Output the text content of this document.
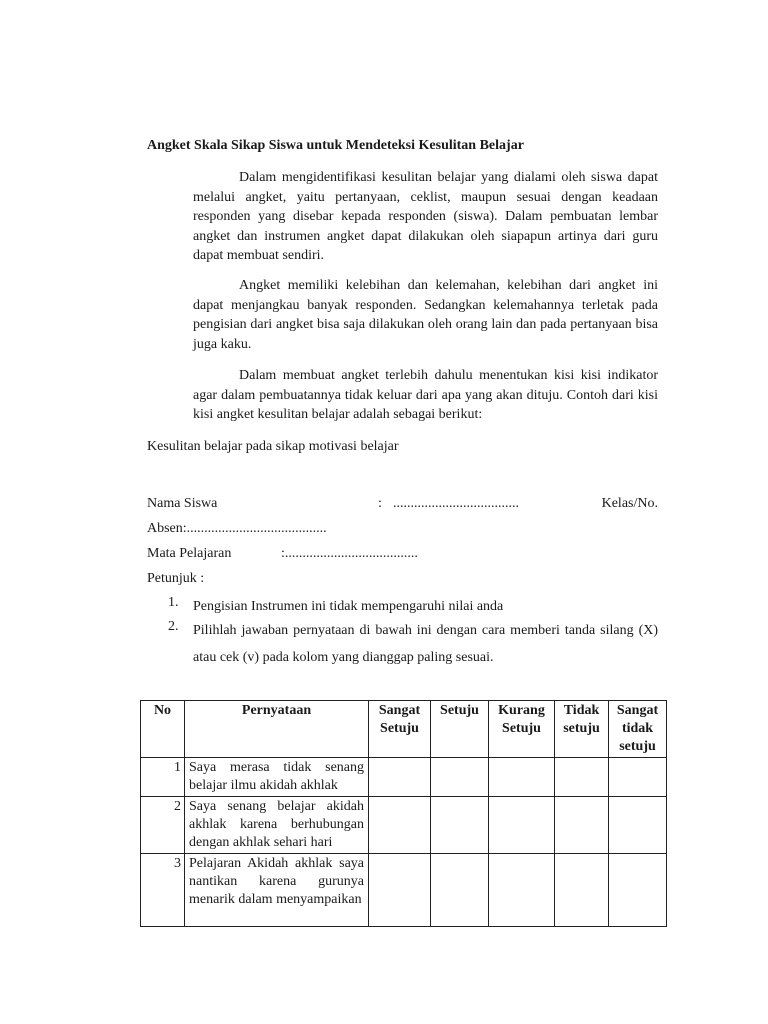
Angket Skala Sikap Siswa untuk Mendeteksi Kesulitan Belajar

Dalam mengidentifikasi kesulitan belajar yang dialami oleh siswa dapat melalui angket, yaitu pertanyaan, ceklist, maupun sesuai dengan keadaan responden yang disebar kepada responden (siswa). Dalam pembuatan lembar angket dan instrumen angket dapat dilakukan oleh siapapun artinya dari guru dapat membuat sendiri.

Angket memiliki kelebihan dan kelemahan, kelebihan dari angket ini dapat menjangkau banyak responden. Sedangkan kelemahannya terletak pada pengisian dari angket bisa saja dilakukan oleh orang lain dan pada pertanyaan bisa juga kaku.

Dalam membuat angket terlebih dahulu menentukan kisi kisi indikator agar dalam pembuatannya tidak keluar dari apa yang akan dituju. Contoh dari kisi kisi angket kesulitan belajar adalah sebagai berikut:

Kesulitan belajar pada sikap motivasi belajar
Nama Siswa	: ....................................	Kelas/No.
Absen:........................................
Mata Pelajaran	:......................................
Petunjuk :
1. Pengisian Instrumen ini tidak mempengaruhi nilai anda
2. Pilihlah jawaban pernyataan di bawah ini dengan cara memberi tanda silang (X) atau cek (v) pada kolom yang dianggap paling sesuai.
No	Pernyataan	Sangat Setuju	Setuju	Kurang Setuju	Tidak setuju	Sangat tidak setuju
1	Saya merasa tidak senang belajar ilmu akidah akhlak					
2	Saya senang belajar akidah akhlak karena berhubungan dengan akhlak sehari hari					
3	Pelajaran Akidah akhlak saya nantikan karena gurunya menarik dalam menyampaikan					
